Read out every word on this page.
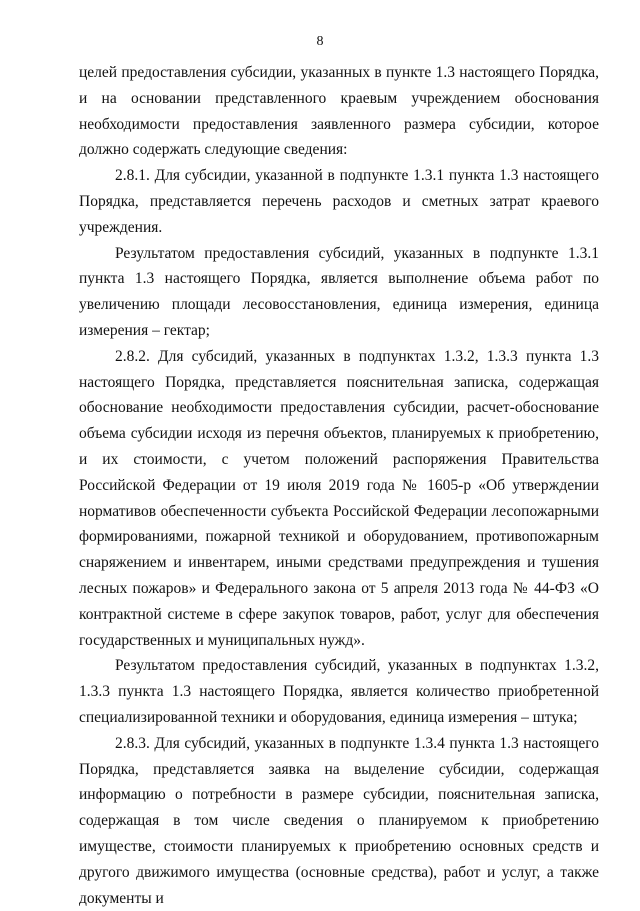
8

целей предоставления субсидии, указанных в пункте 1.3 настоящего Порядка, и на основании представленного краевым учреждением обоснования необходимости предоставления заявленного размера субсидии, которое должно содержать следующие сведения:

2.8.1. Для субсидии, указанной в подпункте 1.3.1 пункта 1.3 настоящего Порядка, представляется перечень расходов и сметных затрат краевого учреждения.

Результатом предоставления субсидий, указанных в подпункте 1.3.1 пункта 1.3 настоящего Порядка, является выполнение объема работ по увеличению площади лесовосстановления, единица измерения, единица измерения – гектар;

2.8.2. Для субсидий, указанных в подпунктах 1.3.2, 1.3.3 пункта 1.3 настоящего Порядка, представляется пояснительная записка, содержащая обоснование необходимости предоставления субсидии, расчет-обоснование объема субсидии исходя из перечня объектов, планируемых к приобретению, и их стоимости, с учетом положений распоряжения Правительства Российской Федерации от 19 июля 2019 года № 1605-р «Об утверждении нормативов обеспеченности субъекта Российской Федерации лесопожарными формированиями, пожарной техникой и оборудованием, противопожарным снаряжением и инвентарем, иными средствами предупреждения и тушения лесных пожаров» и Федерального закона от 5 апреля 2013 года № 44-ФЗ «О контрактной системе в сфере закупок товаров, работ, услуг для обеспечения государственных и муниципальных нужд».

Результатом предоставления субсидий, указанных в подпунктах 1.3.2, 1.3.3 пункта 1.3 настоящего Порядка, является количество приобретенной специализированной техники и оборудования, единица измерения – штука;

2.8.3. Для субсидий, указанных в подпункте 1.3.4 пункта 1.3 настоящего Порядка, представляется заявка на выделение субсидии, содержащая информацию о потребности в размере субсидии, пояснительная записка, содержащая в том числе сведения о планируемом к приобретению имуществе, стоимости планируемых к приобретению основных средств и другого движимого имущества (основные средства), работ и услуг, а также документы и
